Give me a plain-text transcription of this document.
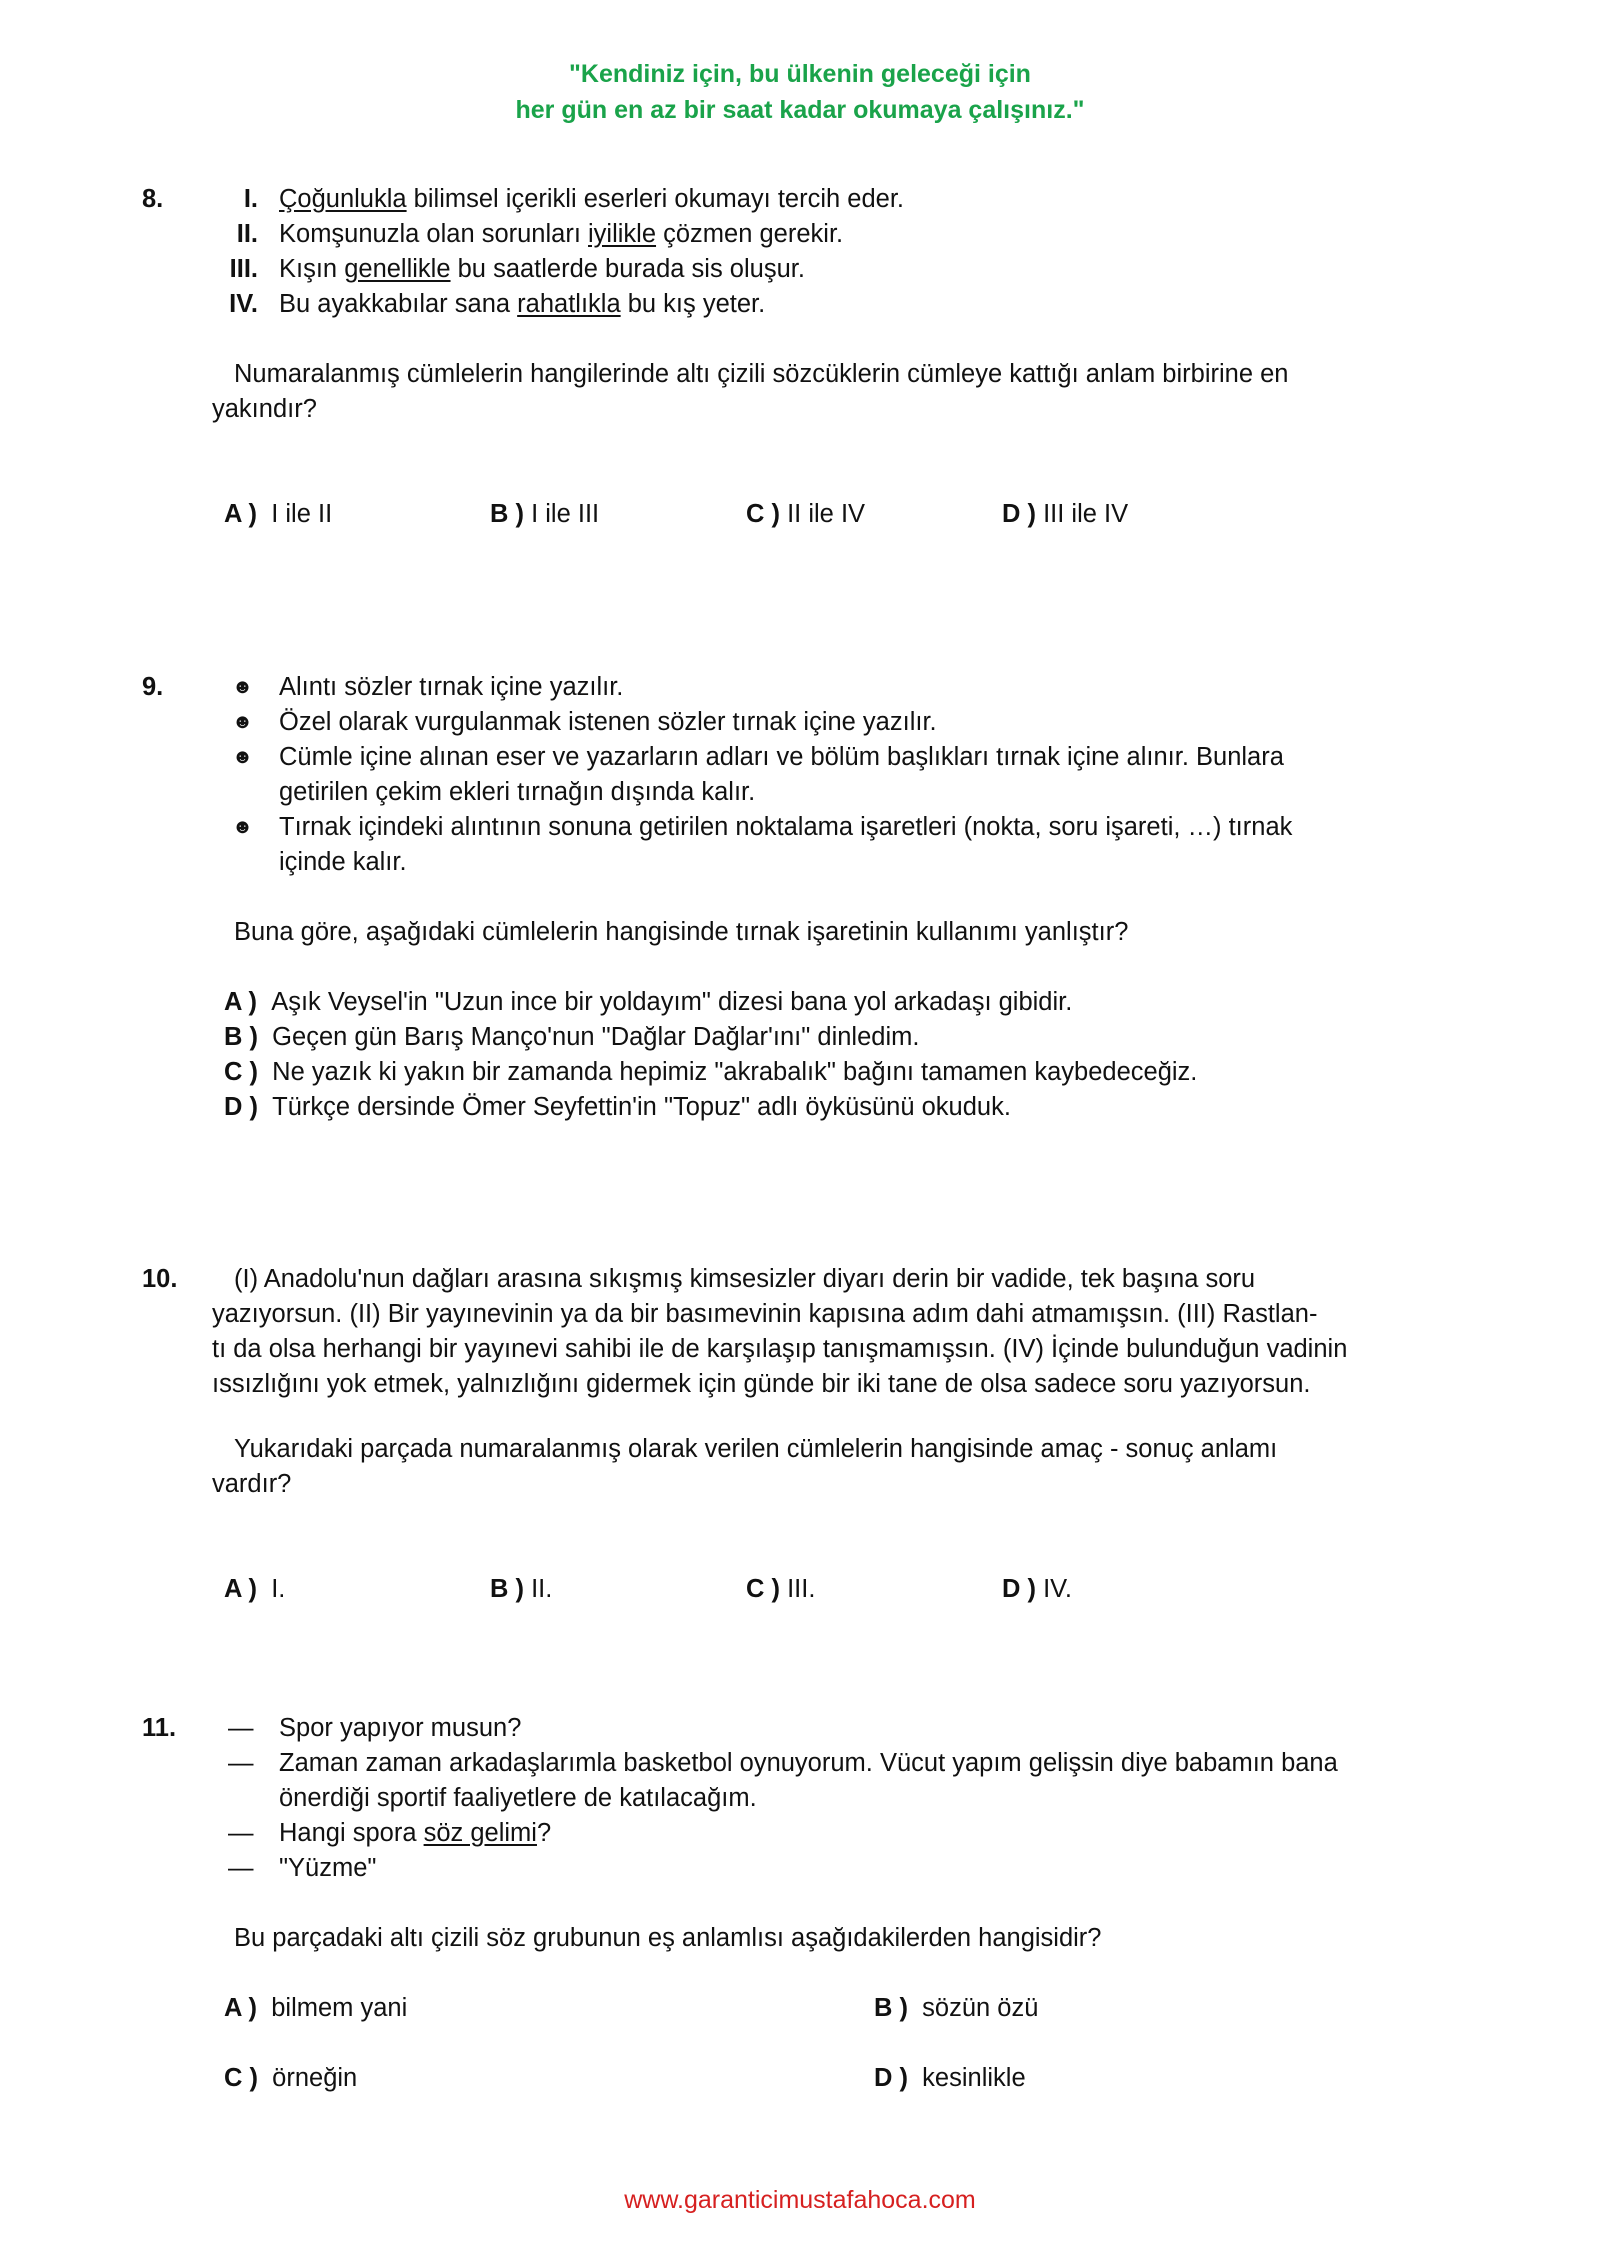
"Kendiniz için, bu ülkenin geleceği için
her gün en az bir saat kadar okumaya çalışınız."
8.	I. Çoğunlukla bilimsel içerikli eserleri okumayı tercih eder.
II. Komşunuzla olan sorunları iyilikle çözmen gerekir.
III. Kışın genellikle bu saatlerde burada sis oluşur.
IV. Bu ayakkabılar sana rahatlıkla bu kış yeter.
Numaralanmış cümlelerin hangilerinde altı çizili sözcüklerin cümleye kattığı anlam birbirine en
yakındır?
A ) I ile II	B ) I ile III	C ) II ile IV	D ) III ile IV
9.	☻ Alıntı sözler tırnak içine yazılır.
☻ Özel olarak vurgulanmak istenen sözler tırnak içine yazılır.
☻ Cümle içine alınan eser ve yazarların adları ve bölüm başlıkları tırnak içine alınır. Bunlara
getirilen çekim ekleri tırnağın dışında kalır.
☻ Tırnak içindeki alıntının sonuna getirilen noktalama işaretleri (nokta, soru işareti, …) tırnak
içinde kalır.
Buna göre, aşağıdaki cümlelerin hangisinde tırnak işaretinin kullanımı yanlıştır?
A ) Aşık Veysel'in "Uzun ince bir yoldayım" dizesi bana yol arkadaşı gibidir.
B ) Geçen gün Barış Manço'nun "Dağlar Dağlar'ını" dinledim.
C ) Ne yazık ki yakın bir zamanda hepimiz "akrabalık" bağını tamamen kaybedeceğiz.
D ) Türkçe dersinde Ömer Seyfettin'in "Topuz" adlı öyküsünü okuduk.
10.	(I) Anadolu'nun dağları arasına sıkışmış kimsesizler diyarı derin bir vadide, tek başına soru
yazıyorsun. (II) Bir yayınevinin ya da bir basımevinin kapısına adım dahi atmamışsın. (III) Rastlan-
tı da olsa herhangi bir yayınevi sahibi ile de karşılaşıp tanışmamışsın. (IV) İçinde bulunduğun vadinin
ıssızlığını yok etmek, yalnızlığını gidermek için günde bir iki tane de olsa sadece soru yazıyorsun.
Yukarıdaki parçada numaralanmış olarak verilen cümlelerin hangisinde amaç - sonuç anlamı
vardır?
A ) I.	B ) II.	C ) III.	D ) IV.
11. — Spor yapıyor musun?
— Zaman zaman arkadaşlarımla basketbol oynuyorum. Vücut yapım gelişsin diye babamın bana
önerdiği sportif faaliyetlere de katılacağım.
— Hangi spora söz gelimi?
— "Yüzme"
Bu parçadaki altı çizili söz grubunun eş anlamlısı aşağıdakilerden hangisidir?
A ) bilmem yani	B ) sözün özü
C ) örneğin	D ) kesinlikle
www.garanticimustafahoca.com
